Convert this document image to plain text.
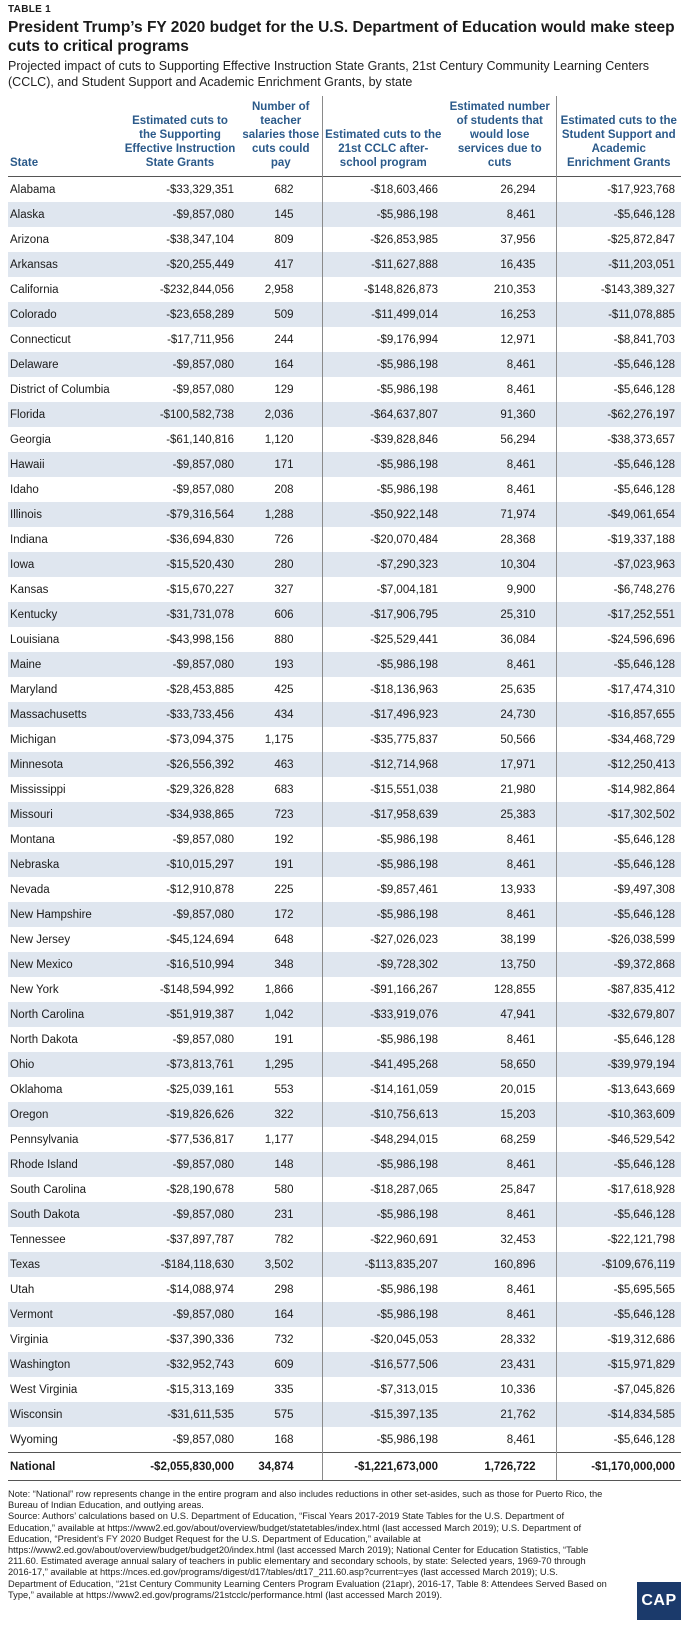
TABLE 1
President Trump’s FY 2020 budget for the U.S. Department of Education would make steep cuts to critical programs
Projected impact of cuts to Supporting Effective Instruction State Grants, 21st Century Community Learning Centers (CCLC), and Student Support and Academic Enrichment Grants, by state
State	Estimated cuts to the Supporting Effective Instruction State Grants	Number of teacher salaries those cuts could pay	Estimated cuts to the 21st CCLC after-school program	Estimated number of students that would lose services due to cuts	Estimated cuts to the Student Support and Academic Enrichment Grants
Alabama	-$33,329,351	682	-$18,603,466	26,294	-$17,923,768
Alaska	-$9,857,080	145	-$5,986,198	8,461	-$5,646,128
Arizona	-$38,347,104	809	-$26,853,985	37,956	-$25,872,847
Arkansas	-$20,255,449	417	-$11,627,888	16,435	-$11,203,051
California	-$232,844,056	2,958	-$148,826,873	210,353	-$143,389,327
Colorado	-$23,658,289	509	-$11,499,014	16,253	-$11,078,885
Connecticut	-$17,711,956	244	-$9,176,994	12,971	-$8,841,703
Delaware	-$9,857,080	164	-$5,986,198	8,461	-$5,646,128
District of Columbia	-$9,857,080	129	-$5,986,198	8,461	-$5,646,128
Florida	-$100,582,738	2,036	-$64,637,807	91,360	-$62,276,197
Georgia	-$61,140,816	1,120	-$39,828,846	56,294	-$38,373,657
Hawaii	-$9,857,080	171	-$5,986,198	8,461	-$5,646,128
Idaho	-$9,857,080	208	-$5,986,198	8,461	-$5,646,128
Illinois	-$79,316,564	1,288	-$50,922,148	71,974	-$49,061,654
Indiana	-$36,694,830	726	-$20,070,484	28,368	-$19,337,188
Iowa	-$15,520,430	280	-$7,290,323	10,304	-$7,023,963
Kansas	-$15,670,227	327	-$7,004,181	9,900	-$6,748,276
Kentucky	-$31,731,078	606	-$17,906,795	25,310	-$17,252,551
Louisiana	-$43,998,156	880	-$25,529,441	36,084	-$24,596,696
Maine	-$9,857,080	193	-$5,986,198	8,461	-$5,646,128
Maryland	-$28,453,885	425	-$18,136,963	25,635	-$17,474,310
Massachusetts	-$33,733,456	434	-$17,496,923	24,730	-$16,857,655
Michigan	-$73,094,375	1,175	-$35,775,837	50,566	-$34,468,729
Minnesota	-$26,556,392	463	-$12,714,968	17,971	-$12,250,413
Mississippi	-$29,326,828	683	-$15,551,038	21,980	-$14,982,864
Missouri	-$34,938,865	723	-$17,958,639	25,383	-$17,302,502
Montana	-$9,857,080	192	-$5,986,198	8,461	-$5,646,128
Nebraska	-$10,015,297	191	-$5,986,198	8,461	-$5,646,128
Nevada	-$12,910,878	225	-$9,857,461	13,933	-$9,497,308
New Hampshire	-$9,857,080	172	-$5,986,198	8,461	-$5,646,128
New Jersey	-$45,124,694	648	-$27,026,023	38,199	-$26,038,599
New Mexico	-$16,510,994	348	-$9,728,302	13,750	-$9,372,868
New York	-$148,594,992	1,866	-$91,166,267	128,855	-$87,835,412
North Carolina	-$51,919,387	1,042	-$33,919,076	47,941	-$32,679,807
North Dakota	-$9,857,080	191	-$5,986,198	8,461	-$5,646,128
Ohio	-$73,813,761	1,295	-$41,495,268	58,650	-$39,979,194
Oklahoma	-$25,039,161	553	-$14,161,059	20,015	-$13,643,669
Oregon	-$19,826,626	322	-$10,756,613	15,203	-$10,363,609
Pennsylvania	-$77,536,817	1,177	-$48,294,015	68,259	-$46,529,542
Rhode Island	-$9,857,080	148	-$5,986,198	8,461	-$5,646,128
South Carolina	-$28,190,678	580	-$18,287,065	25,847	-$17,618,928
South Dakota	-$9,857,080	231	-$5,986,198	8,461	-$5,646,128
Tennessee	-$37,897,787	782	-$22,960,691	32,453	-$22,121,798
Texas	-$184,118,630	3,502	-$113,835,207	160,896	-$109,676,119
Utah	-$14,088,974	298	-$5,986,198	8,461	-$5,695,565
Vermont	-$9,857,080	164	-$5,986,198	8,461	-$5,646,128
Virginia	-$37,390,336	732	-$20,045,053	28,332	-$19,312,686
Washington	-$32,952,743	609	-$16,577,506	23,431	-$15,971,829
West Virginia	-$15,313,169	335	-$7,313,015	10,336	-$7,045,826
Wisconsin	-$31,611,535	575	-$15,397,135	21,762	-$14,834,585
Wyoming	-$9,857,080	168	-$5,986,198	8,461	-$5,646,128
National	-$2,055,830,000	34,874	-$1,221,673,000	1,726,722	-$1,170,000,000
Note: “National” row represents change in the entire program and also includes reductions in other set-asides, such as those for Puerto Rico, the Bureau of Indian Education, and outlying areas.
Source: Authors’ calculations based on U.S. Department of Education, “Fiscal Years 2017-2019 State Tables for the U.S. Department of Education,” available at https://www2.ed.gov/about/overview/budget/statetables/index.html (last accessed March 2019); U.S. Department of Education, “President’s FY 2020 Budget Request for the U.S. Department of Education,” available at https://www2.ed.gov/about/overview/budget/budget20/index.html (last accessed March 2019); National Center for Education Statistics, “Table 211.60. Estimated average annual salary of teachers in public elementary and secondary schools, by state: Selected years, 1969-70 through 2016-17,” available at https://nces.ed.gov/programs/digest/d17/tables/dt17_211.60.asp?current=yes (last accessed March 2019); U.S. Department of Education, “21st Century Community Learning Centers Program Evaluation (21apr), 2016-17, Table 8: Attendees Served Based on Type,” available at https://www2.ed.gov/programs/21stcclc/performance.html (last accessed March 2019).	CAP
